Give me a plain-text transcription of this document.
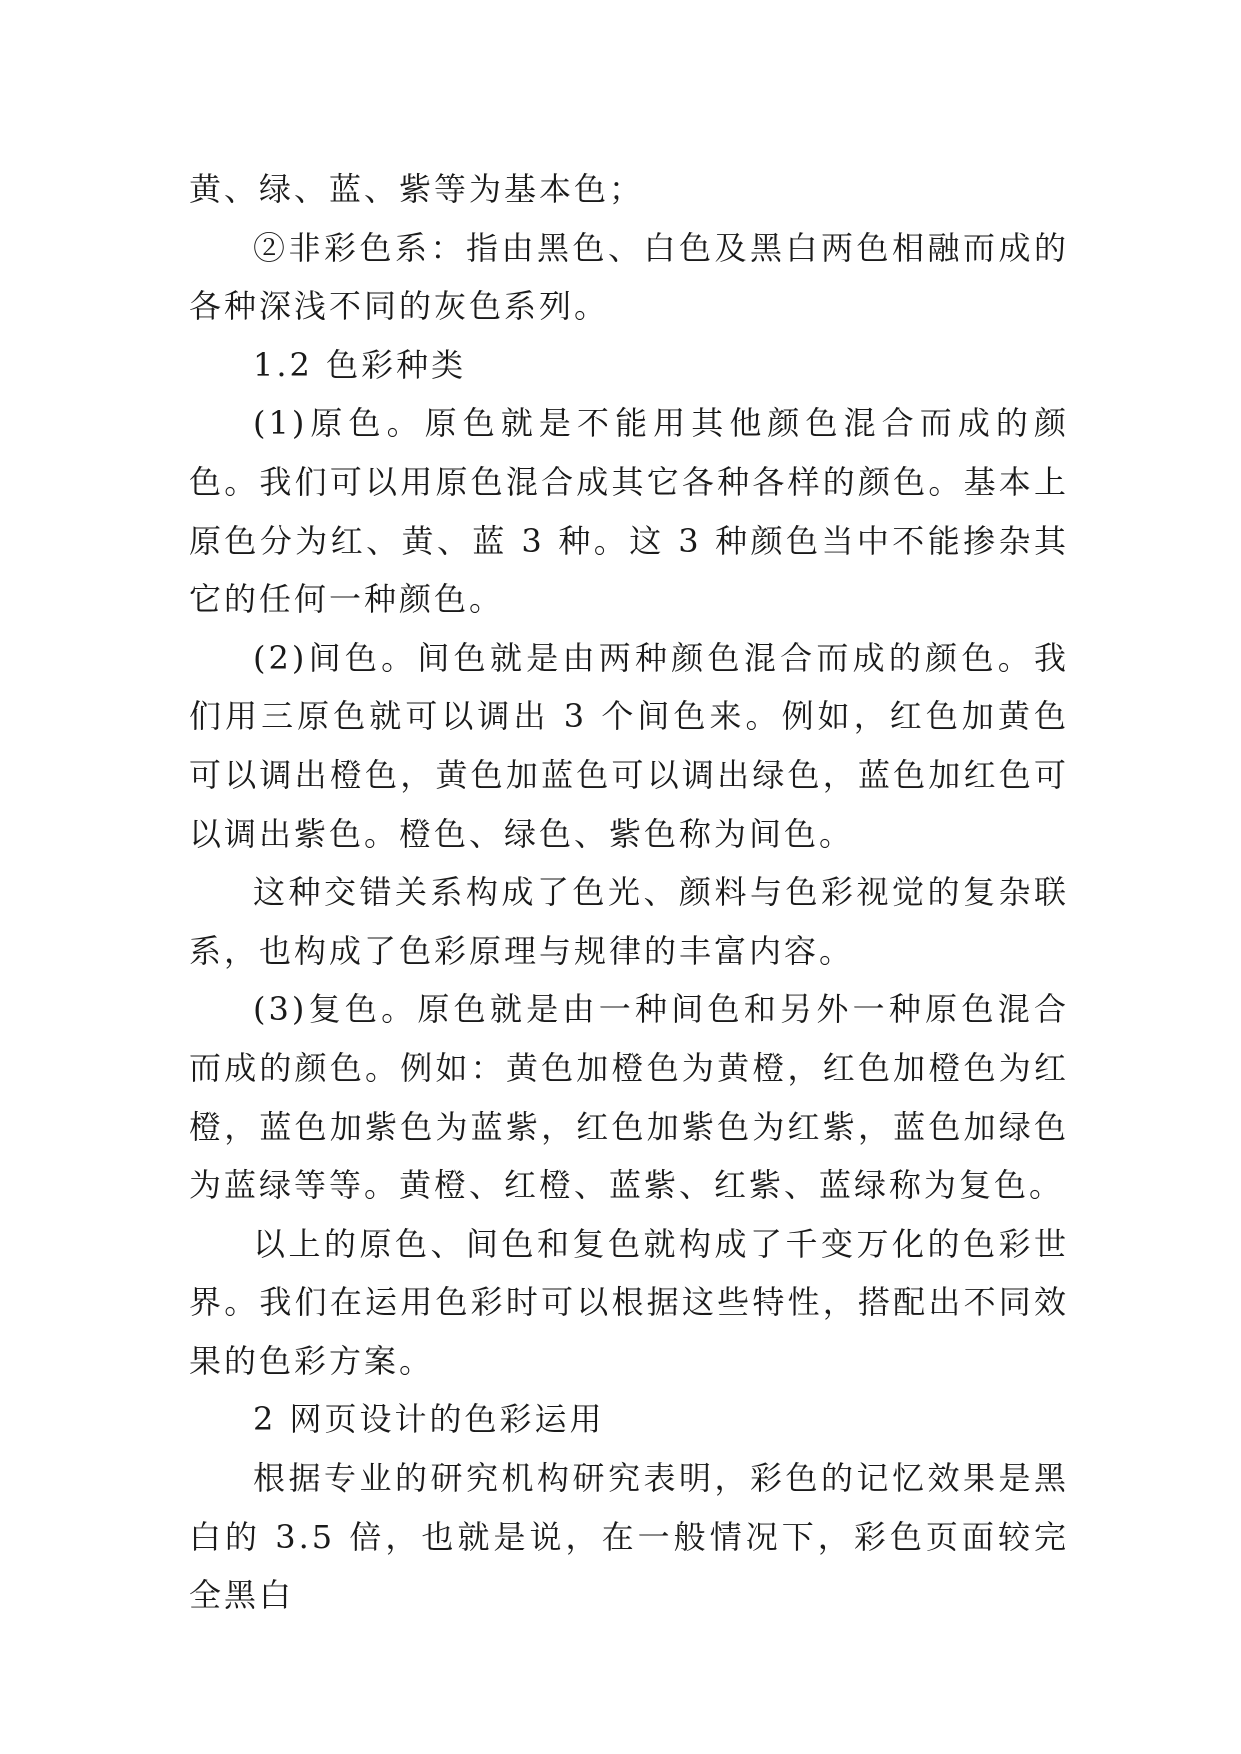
黄、绿、蓝、紫等为基本色；

②非彩色系：指由黑色、白色及黑白两色相融而成的各种深浅不同的灰色系列。

1.2 色彩种类

(1)原色。原色就是不能用其他颜色混合而成的颜色。我们可以用原色混合成其它各种各样的颜色。基本上原色分为红、黄、蓝 3 种。这 3 种颜色当中不能掺杂其它的任何一种颜色。

(2)间色。间色就是由两种颜色混合而成的颜色。我们用三原色就可以调出 3 个间色来。例如，红色加黄色可以调出橙色，黄色加蓝色可以调出绿色，蓝色加红色可以调出紫色。橙色、绿色、紫色称为间色。

这种交错关系构成了色光、颜料与色彩视觉的复杂联系，也构成了色彩原理与规律的丰富内容。

(3)复色。原色就是由一种间色和另外一种原色混合而成的颜色。例如：黄色加橙色为黄橙，红色加橙色为红橙，蓝色加紫色为蓝紫，红色加紫色为红紫，蓝色加绿色为蓝绿等等。黄橙、红橙、蓝紫、红紫、蓝绿称为复色。

以上的原色、间色和复色就构成了千变万化的色彩世界。我们在运用色彩时可以根据这些特性，搭配出不同效果的色彩方案。

2 网页设计的色彩运用

根据专业的研究机构研究表明，彩色的记忆效果是黑白的 3.5 倍，也就是说，在一般情况下，彩色页面较完全黑白
